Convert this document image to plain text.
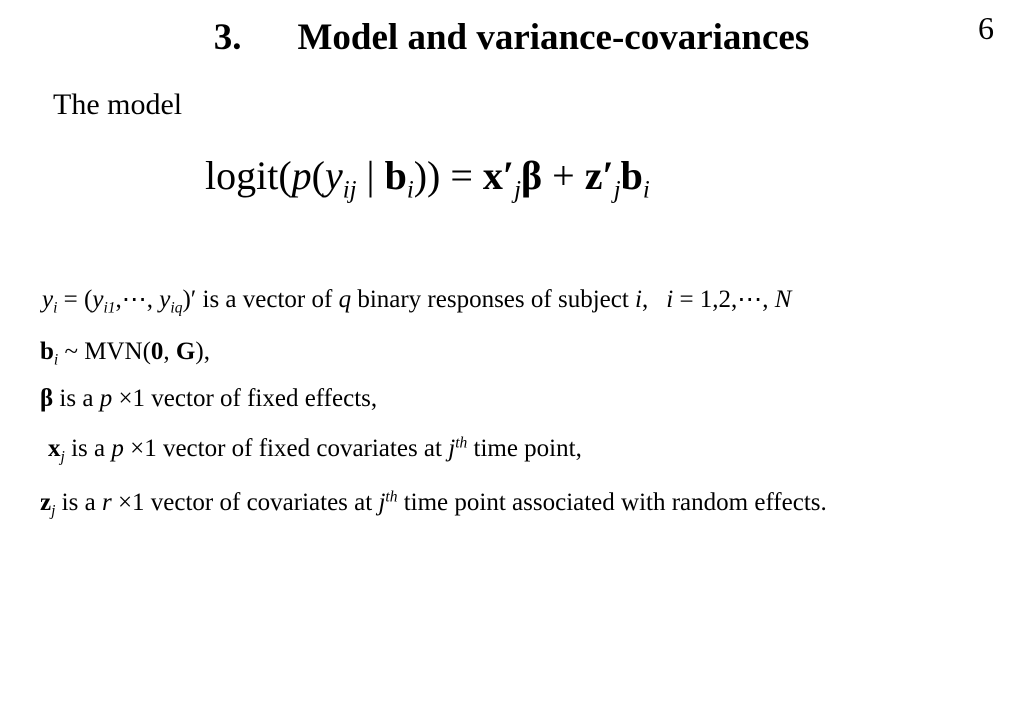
6
3. Model and variance-covariances
The model
$logit(p(y_{ij}$ | $b_i)) = x'_j\beta + z'_jb_i$
$y_i$ = ($y_{i1},\cdots$, $y_{iq})'$ is a vector of q binary responses of subject i, i = 1,2,⋯, N
$b_i$ ~ MVN(0, G),
β is a p ×1 vector of fixed effects,
$x_j$ is a p ×1 vector of fixed covariates at $j^{th}$ time point,
$z_j$ is a r ×1 vector of covariates at $j^{th}$ time point associated with random effects.
